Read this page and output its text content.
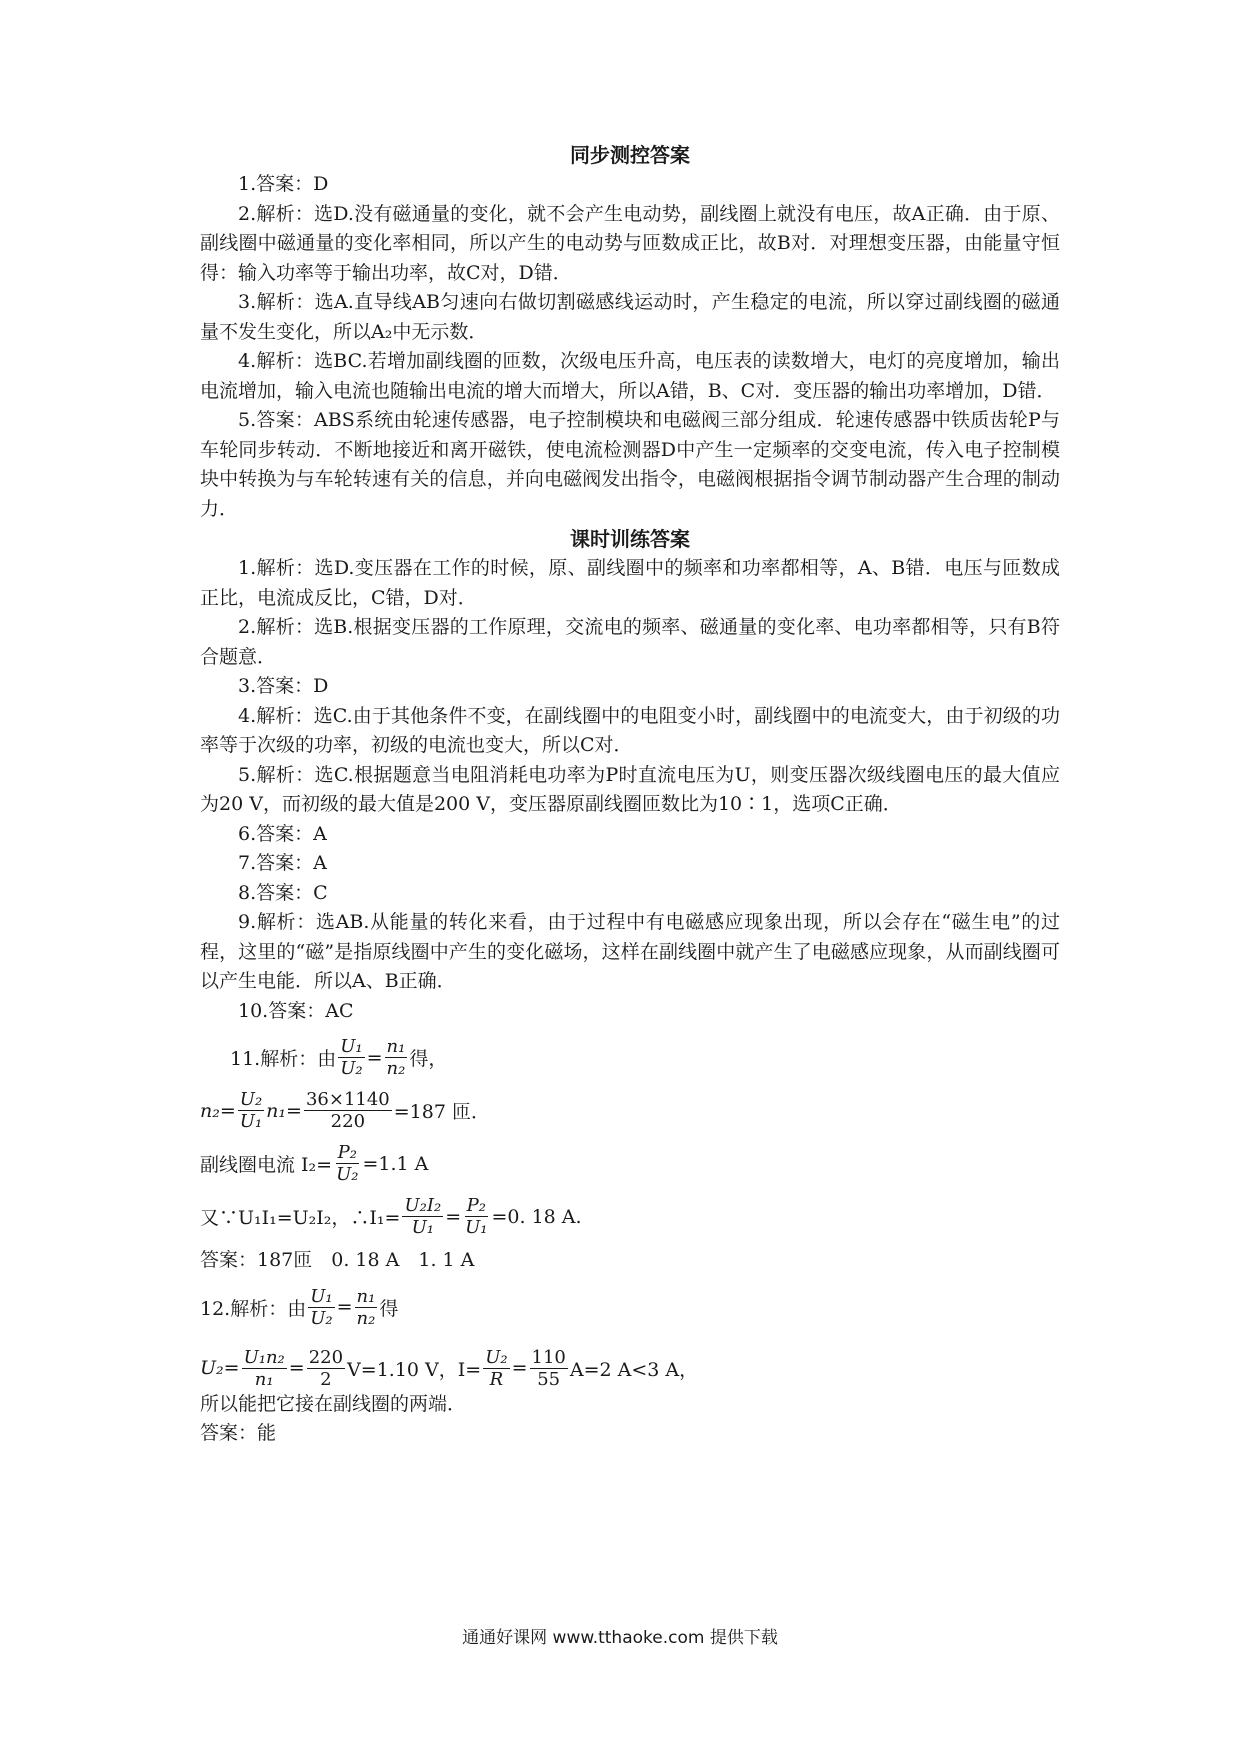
同步测控答案

1.答案：D

2.解析：选D.没有磁通量的变化，就不会产生电动势，副线圈上就没有电压，故A正确．由于原、副线圈中磁通量的变化率相同，所以产生的电动势与匝数成正比，故B对．对理想变压器，由能量守恒得：输入功率等于输出功率，故C对，D错．

3.解析：选A.直导线AB匀速向右做切割磁感线运动时，产生稳定的电流，所以穿过副线圈的磁通量不发生变化，所以A₂中无示数．

4.解析：选BC.若增加副线圈的匝数，次级电压升高，电压表的读数增大，电灯的亮度增加，输出电流增加，输入电流也随输出电流的增大而增大，所以A错，B、C对．变压器的输出功率增加，D错．

5.答案：ABS系统由轮速传感器，电子控制模块和电磁阀三部分组成．轮速传感器中铁质齿轮P与车轮同步转动．不断地接近和离开磁铁，使电流检测器D中产生一定频率的交变电流，传入电子控制模块中转换为与车轮转速有关的信息，并向电磁阀发出指令，电磁阀根据指令调节制动器产生合理的制动力．

课时训练答案

1.解析：选D.变压器在工作的时候，原、副线圈中的频率和功率都相等，A、B错．电压与匝数成正比，电流成反比，C错，D对．

2.解析：选B.根据变压器的工作原理，交流电的频率、磁通量的变化率、电功率都相等，只有B符合题意．

3.答案：D

4.解析：选C.由于其他条件不变，在副线圈中的电阻变小时，副线圈中的电流变大，由于初级的功率等于次级的功率，初级的电流也变大，所以C对．

5.解析：选C.根据题意当电阻消耗电功率为P时直流电压为U，则变压器次级线圈电压的最大值应为20 V，而初级的最大值是200 V，变压器原副线圈匝数比为10∶1，选项C正确．

6.答案：A

7.答案：A

8.答案：C

9.解析：选AB.从能量的转化来看，由于过程中有电磁感应现象出现，所以会存在“磁生电”的过程，这里的“磁”是指原线圈中产生的变化磁场，这样在副线圈中就产生了电磁感应现象，从而副线圈可以产生电能．所以A、B正确．

10.答案：AC

11.解析：由 $\frac{\text{U₁}}{\text{U₂}} = \frac{\text{n₁}}{\text{n₂}}$ 得，
$n_2= \frac{\text{U₂}}{\text{U₁}} n_1= \frac{36\times 1140}{220} =187$ 匝．
副线圈电流 $I_2= \frac{\text{P₂}}{\text{U₂}} =1.1$ A
又∵U₁I₁=U₂I₂，∴I₁= $\frac{\text{U₂I₂}}{\text{U₁}} = \frac{\text{P₂}}{\text{U₁}} =0$. 18 A.

答案：187匝　0. 18 A　1. 1 A

12.解析：由 $\frac{\text{U₁}}{\text{U₂}} = \frac{\text{n₁}}{\text{n₂}}$ 得
$U_2= \frac{\text{U₁n₂}}{\text{n₁}} = \frac{220}{2} V=1.10$ V，$I= \frac{\text{U₂}}{R} = \frac{110}{55} A=2$ A<3 A，

所以能把它接在副线圈的两端．

答案：能

通通好课网 www.tthaoke.com 提供下载
